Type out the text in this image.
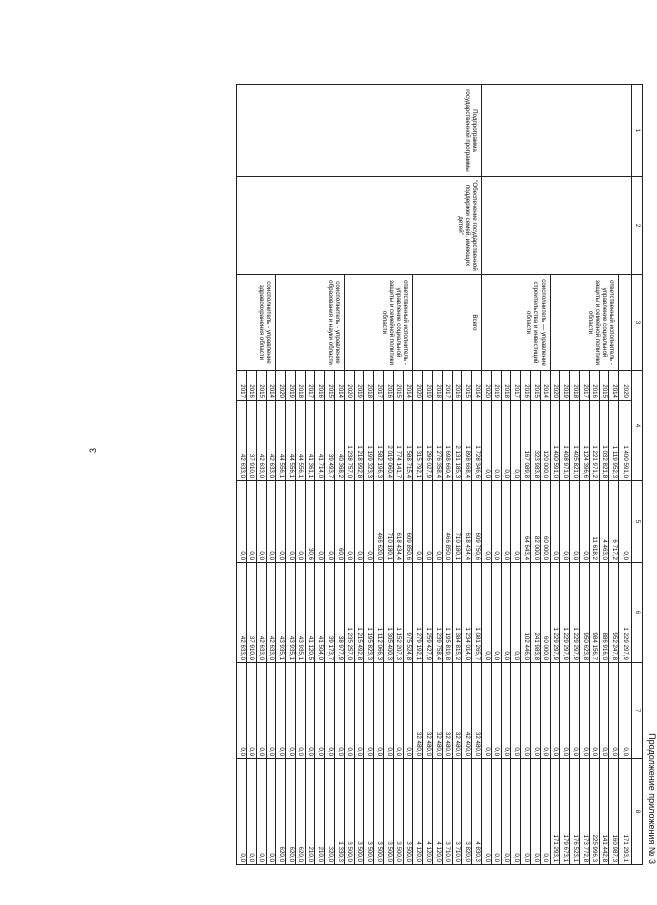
3
Продолжение приложения № 3
1	2	3	4		5	6	7	8
			2020	1 400 591,0	0,0	1 229 297,9	0,0	171 293,1
		ответственный исполнитель - управление социальной защиты и семейной политики области	2014	1 119 952,3	6 717,2	952 247,8	0,0	160 987,3
			2015	1 032 821,8	4 463,0	886 916,0	0,0	141 442,8
			2016	1 221 971,2	11 618,2	984 156,7	0,0	225 996,3
			2017	1 124 396,6	0,0	950 623,8	0,0	173 772,8
			2018	1 405 821,0	0,0	1 229 297,9	0,0	176 523,1
			2019	1 408 971,0	0,0	1 229 297,9	0,0	179 673,1
			2020	1 400 591,0	0,0	1 229 297,9	0,0	171 293,1
		соисполнитель — управление строительства и инвестиций области	2014	120 000,0	60 000,0	60 000,0	0,0	0,0
			2015	323 983,8	82 000,0	241 983,8	0,0	0,0
			2016	167 089,8	64 643,4	102 446,0	0,0	0,0
			2017	0,0	0,0	0,0	0,0	0,0
			2018	0,0	0,0	0,0	0,0	0,0
			2019	0,0	0,0	0,0	0,0	0,0
			2020	0,0	0,0	0,0	0,0	0,0
Подпрограмма государственной программы	"Обеспечение государственной поддержки семей, имеющих детей"	Всего	2014	1 728 346,6	609 750,6	1 081 265,7	32 480,0	4 830,3
			2015	1 898 668,4	618 434,4	1 234 014,0	42 400,0	3 820,0
			2016	2 131 185,3	710 180,1	1 384 815,2	32 480,0	3 710,0
			2017	1 698 660,4	466 850,0	1 195 819,8	32 480,0	3 710,0
			2018	1 276 358,4	0,0	1 239 758,4	32 480,0	4 120,0
			2019	1 296 027,9	0,0	1 259 427,9	32 480,0	4 120,0
			2020	1 315 792,1	0,0	1 279 192,1	32 480,0	4 120,0
		ответственный исполнитель - управление социальной защиты и семейной политики области	2014	1 588 715,4	609 850,6	975 524,8	0,0	3 500,0
			2015	1 774 141,7	618 434,4	1 152 207,3	0,0	3 500,0
			2016	2 019 060,4	710 180,1	1 305 400,3	0,0	3 500,0
			2017	1 582 196,3	466 620,0	1 112 066,3	0,0	3 500,0
			2018	1 199 323,3	0,0	1 195 823,3	0,0	3 500,0
			2019	1 218 992,8	0,0	1 215 492,8	0,0	3 500,0
			2020	1 238 757,0	0,0	1 235 257,0	0,0	3 500,0
		соисполнитель - управление образования и науки области	2014	40 368,2	60,0	38 977,9	0,0	1 330,3
			2015	39 493,7	0,0	39 173,7	0,0	320,0
			2016	41 714,0	0,0	41 504,0	0,0	210,0
			2017	41 361,1	30,6	41 120,5	0,0	210,0
			2018	44 556,1	0,0	43 935,1	0,0	620,0
			2019	44 556,1	0,0	43 935,1	0,0	620,0
			2020	44 556,1	0,0	43 935,1	0,0	620,0
		соисполнитель - управление здравоохранения области	2014	42 633,0	0,0	42 633,0	0,0	0,0
			2015	42 633,0	0,0	42 633,0	0,0	0,0
			2016	37 910,0	0,0	37 910,0	0,0	0,0
			2017	42 633,0	0,0	42 633,0	0,0	0,0
